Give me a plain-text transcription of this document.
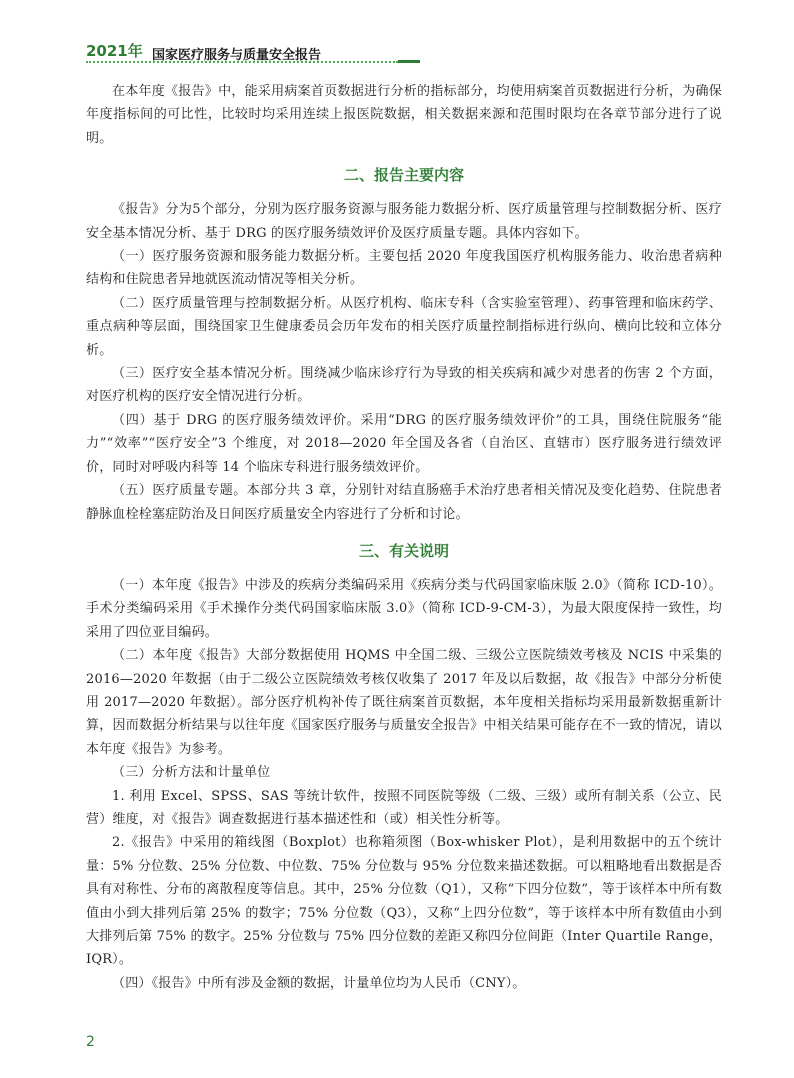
2021年 国家医疗服务与质量安全报告

在本年度《报告》中，能采用病案首页数据进行分析的指标部分，均使用病案首页数据进行分析，为确保年度指标间的可比性，比较时均采用连续上报医院数据，相关数据来源和范围时限均在各章节部分进行了说明。

二、报告主要内容

《报告》分为5个部分，分别为医疗服务资源与服务能力数据分析、医疗质量管理与控制数据分析、医疗安全基本情况分析、基于 DRG 的医疗服务绩效评价及医疗质量专题。具体内容如下。

（一）医疗服务资源和服务能力数据分析。主要包括 2020 年度我国医疗机构服务能力、收治患者病种结构和住院患者异地就医流动情况等相关分析。

（二）医疗质量管理与控制数据分析。从医疗机构、临床专科（含实验室管理）、药事管理和临床药学、重点病种等层面，围绕国家卫生健康委员会历年发布的相关医疗质量控制指标进行纵向、横向比较和立体分析。

（三）医疗安全基本情况分析。围绕减少临床诊疗行为导致的相关疾病和减少对患者的伤害 2 个方面，对医疗机构的医疗安全情况进行分析。

（四）基于 DRG 的医疗服务绩效评价。采用“DRG 的医疗服务绩效评价”的工具，围绕住院服务“能力”“效率”“医疗安全”3 个维度，对 2018—2020 年全国及各省（自治区、直辖市）医疗服务进行绩效评价，同时对呼吸内科等 14 个临床专科进行服务绩效评价。

（五）医疗质量专题。本部分共 3 章，分别针对结直肠癌手术治疗患者相关情况及变化趋势、住院患者静脉血栓栓塞症防治及日间医疗质量安全内容进行了分析和讨论。

三、有关说明

（一）本年度《报告》中涉及的疾病分类编码采用《疾病分类与代码国家临床版 2.0》（简称 ICD-10）。手术分类编码采用《手术操作分类代码国家临床版 3.0》（简称 ICD-9-CM-3），为最大限度保持一致性，均采用了四位亚目编码。

（二）本年度《报告》大部分数据使用 HQMS 中全国二级、三级公立医院绩效考核及 NCIS 中采集的 2016—2020 年数据（由于二级公立医院绩效考核仅收集了 2017 年及以后数据，故《报告》中部分分析使用 2017—2020 年数据）。部分医疗机构补传了既往病案首页数据，本年度相关指标均采用最新数据重新计算，因而数据分析结果与以往年度《国家医疗服务与质量安全报告》中相关结果可能存在不一致的情况，请以本年度《报告》为参考。

（三）分析方法和计量单位

1. 利用 Excel、SPSS、SAS 等统计软件，按照不同医院等级（二级、三级）或所有制关系（公立、民营）维度，对《报告》调查数据进行基本描述性和（或）相关性分析等。

2.《报告》中采用的箱线图（Boxplot）也称箱须图（Box-whisker Plot），是利用数据中的五个统计量：5% 分位数、25% 分位数、中位数、75% 分位数与 95% 分位数来描述数据。可以粗略地看出数据是否具有对称性、分布的离散程度等信息。其中，25% 分位数（Q1），又称“下四分位数”，等于该样本中所有数值由小到大排列后第 25% 的数字；75% 分位数（Q3），又称“上四分位数”，等于该样本中所有数值由小到大排列后第 75% 的数字。25% 分位数与 75% 四分位数的差距又称四分位间距（Inter Quartile Range，IQR）。

（四）《报告》中所有涉及金额的数据，计量单位均为人民币（CNY）。

2
